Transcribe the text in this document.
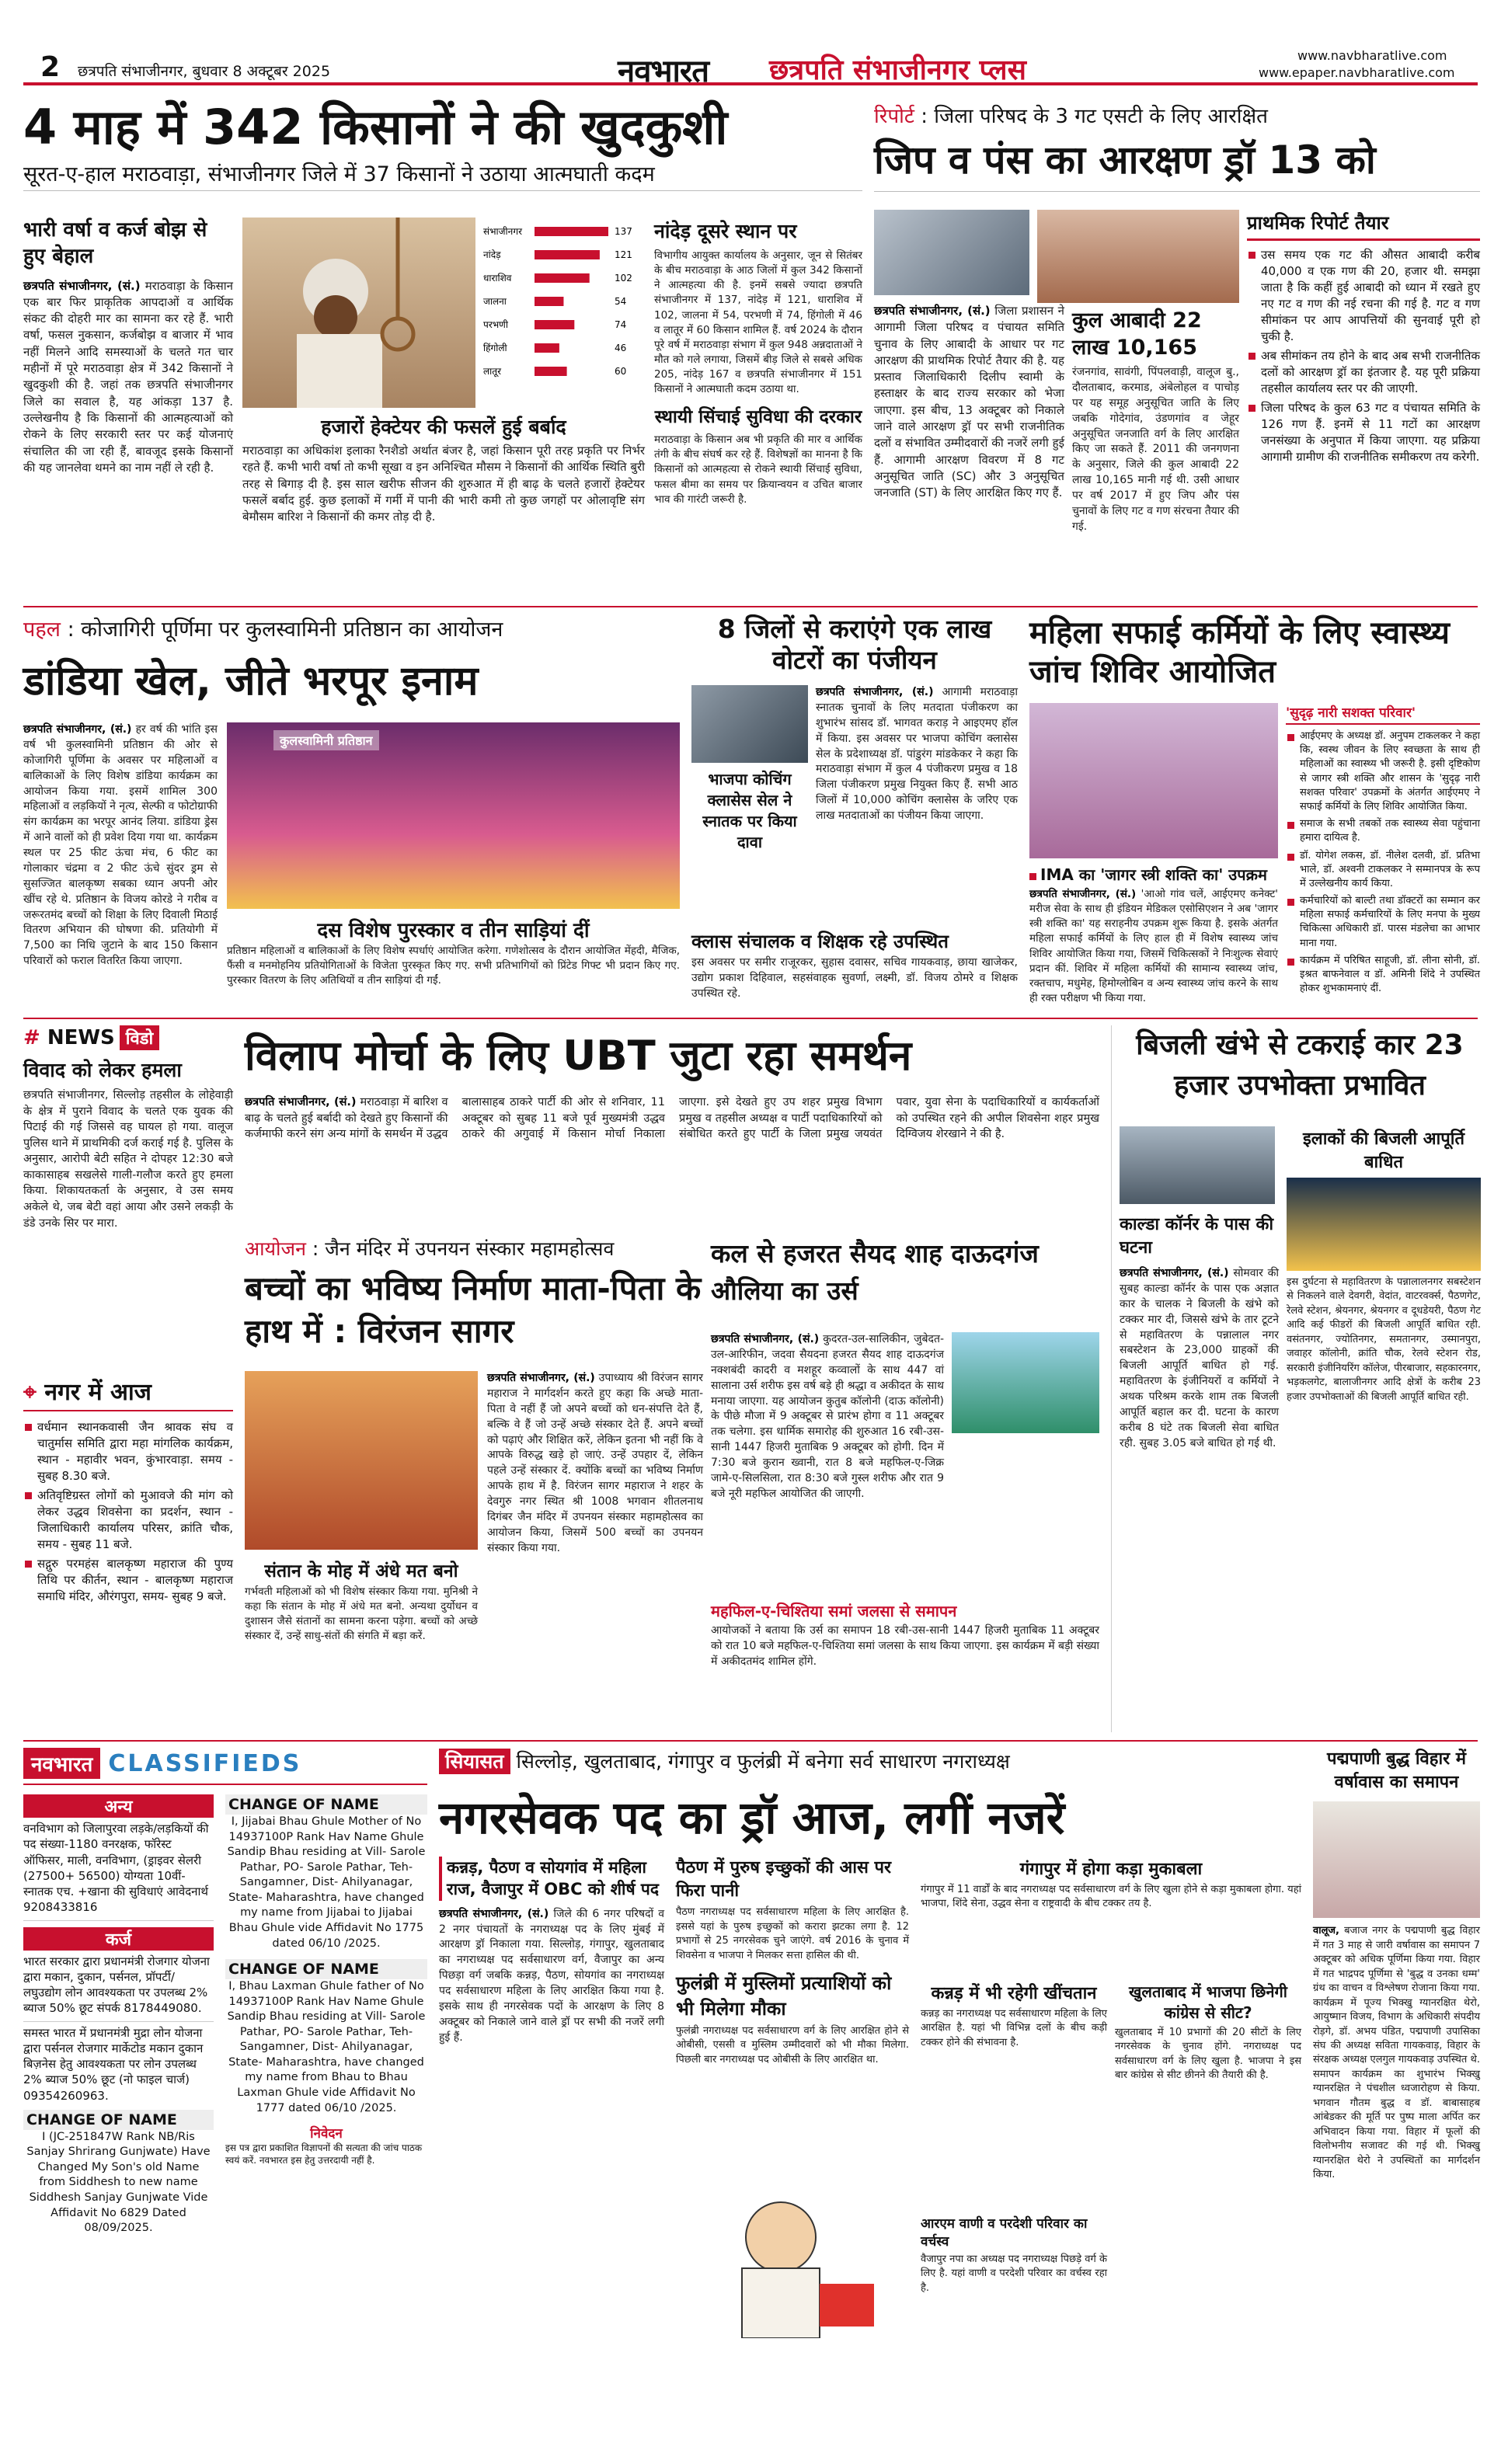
2 छत्रपति संभाजीनगर, बुधवार 8 अक्टूबर 2025	नवभारत छत्रपति संभाजीनगर प्लस	www.navbharatlive.com
www.epaper.navbharatlive.com
4 माह में 342 किसानों ने की खुदकुशी
सूरत-ए-हाल मराठवाड़ा, संभाजीनगर जिले में 37 किसानों ने उठाया आत्मघाती कदम
भारी वर्षा व कर्ज बोझ से हुए बेहाल

छत्रपति संभाजीनगर, (सं.) मराठवाड़ा के किसान एक बार फिर प्राकृतिक आपदाओं व आर्थिक संकट की दोहरी मार का सामना कर रहे हैं. भारी वर्षा, फसल नुकसान, कर्जबोझ व बाजार में भाव नहीं मिलने आदि समस्याओं के चलते गत चार महीनों में पूरे मराठवाड़ा क्षेत्र में 342 किसानों ने खुदकुशी की है. जहां तक छत्रपति संभाजीनगर जिले का सवाल है, यह आंकड़ा 137 है. उल्लेखनीय है कि किसानों की आत्महत्याओं को रोकने के लिए सरकारी स्तर पर कई योजनाएं संचालित की जा रही हैं, बावजूद इसके किसानों की यह जानलेवा थमने का नाम नहीं ले रही है.

संभाजीनगर	137
नांदेड़	121
धाराशिव	102
जालना	54
परभणी	74
हिंगोली	46
लातूर	60
हजारों हेक्टेयर की फसलें हुई बर्बाद

मराठवाड़ा का अधिकांश इलाका रैनशैडो अर्थात बंजर है, जहां किसान पूरी तरह प्रकृति पर निर्भर रहते हैं. कभी भारी वर्षा तो कभी सूखा व इन अनिश्चित मौसम ने किसानों की आर्थिक स्थिति बुरी तरह से बिगाड़ दी है. इस साल खरीफ सीजन की शुरुआत में ही बाढ़ के चलते हजारों हेक्टेयर फसलें बर्बाद हुई. कुछ इलाकों में गर्मी में पानी की भारी कमी तो कुछ जगहों पर ओलावृष्टि संग बेमौसम बारिश ने किसानों की कमर तोड़ दी है.

नांदेड़ दूसरे स्थान पर

विभागीय आयुक्त कार्यालय के अनुसार, जून से सितंबर के बीच मराठवाड़ा के आठ जिलों में कुल 342 किसानों ने आत्महत्या की है. इनमें सबसे ज्यादा छत्रपति संभाजीनगर में 137, नांदेड़ में 121, धाराशिव में 102, जालना में 54, परभणी में 74, हिंगोली में 46 व लातूर में 60 किसान शामिल हैं. वर्ष 2024 के दौरान पूरे वर्ष में मराठवाड़ा संभाग में कुल 948 अन्नदाताओं ने मौत को गले लगाया, जिसमें बीड़ जिले से सबसे अधिक 205, नांदेड़ 167 व छत्रपति संभाजीनगर में 151 किसानों ने आत्मघाती कदम उठाया था.

स्थायी सिंचाई सुविधा की दरकार

मराठवाड़ा के किसान अब भी प्रकृति की मार व आर्थिक तंगी के बीच संघर्ष कर रहे हैं. विशेषज्ञों का मानना है कि किसानों को आत्महत्या से रोकने स्थायी सिंचाई सुविधा, फसल बीमा का समय पर क्रियान्वयन व उचित बाजार भाव की गारंटी जरूरी है.

रिपोर्ट : जिला परिषद के 3 गट एसटी के लिए आरक्षित
जिप व पंस का आरक्षण ड्रॉ 13 को

छत्रपति संभाजीनगर, (सं.) जिला प्रशासन ने आगामी जिला परिषद व पंचायत समिति चुनाव के लिए आबादी के आधार पर गट आरक्षण की प्राथमिक रिपोर्ट तैयार की है. यह प्रस्ताव जिलाधिकारी दिलीप स्वामी के हस्ताक्षर के बाद राज्य सरकार को भेजा जाएगा. इस बीच, 13 अक्टूबर को निकाले जाने वाले आरक्षण ड्रॉ पर सभी राजनीतिक दलों व संभावित उम्मीदवारों की नजरें लगी हुई हैं. आगामी आरक्षण विवरण में 8 गट अनुसूचित जाति (SC) और 3 अनुसूचित जनजाति (ST) के लिए आरक्षित किए गए हैं.

कुल आबादी 22 लाख 10,165

रंजनगांव, सावंगी, पिंपलवाड़ी, वालूज बु., दौलताबाद, करमाड, अंबेलोहल व पाचोड़ पर यह समूह अनुसूचित जाति के लिए जबकि गोदेगांव, उंडणगांव व जेहूर अनुसूचित जनजाति वर्ग के लिए आरक्षित किए जा सकते हैं. 2011 की जनगणना के अनुसार, जिले की कुल आबादी 22 लाख 10,165 मानी गई थी. उसी आधार पर वर्ष 2017 में हुए जिप और पंस चुनावों के लिए गट व गण संरचना तैयार की गई.

प्राथमिक रिपोर्ट तैयार
उस समय एक गट की औसत आबादी करीब 40,000 व एक गण की 20, हजार थी. समझा जाता है कि कहीं हुई आबादी को ध्यान में रखते हुए नए गट व गण की नई रचना की गई है. गट व गण सीमांकन पर आप आपत्तियों की सुनवाई पूरी हो चुकी है.
अब सीमांकन तय होने के बाद अब सभी राजनीतिक दलों को आरक्षण ड्रॉ का इंतजार है. यह पूरी प्रक्रिया तहसील कार्यालय स्तर पर की जाएगी.
जिला परिषद के कुल 63 गट व पंचायत समिति के 126 गण हैं. इनमें से 11 गटों का आरक्षण जनसंख्या के अनुपात में किया जाएगा. यह प्रक्रिया आगामी ग्रामीण की राजनीतिक समीकरण तय करेगी.
पहल : कोजागिरी पूर्णिमा पर कुलस्वामिनी प्रतिष्ठान का आयोजन
डांडिया खेल, जीते भरपूर इनाम

छत्रपति संभाजीनगर, (सं.) हर वर्ष की भांति इस वर्ष भी कुलस्वामिनी प्रतिष्ठान की ओर से कोजागिरी पूर्णिमा के अवसर पर महिलाओं व बालिकाओं के लिए विशेष डांडिया कार्यक्रम का आयोजन किया गया. इसमें शामिल 300 महिलाओं व लड़कियों ने नृत्य, सेल्फी व फोटोग्राफी संग कार्यक्रम का भरपूर आनंद लिया. डांडिया ड्रेस में आने वालों को ही प्रवेश दिया गया था. कार्यक्रम स्थल पर 25 फीट ऊंचा मंच, 6 फीट का गोलाकार चंद्रमा व 2 फीट ऊंचे सुंदर ड्रम से सुसज्जित बालकृष्ण सबका ध्यान अपनी ओर खींच रहे थे. प्रतिष्ठान के विजय कोरडे ने गरीब व जरूरतमंद बच्चों को शिक्षा के लिए दिवाली मिठाई वितरण अभियान की घोषणा की. प्रतियोगी में 7,500 का निधि जुटाने के बाद 150 किसान परिवारों को फराल वितरित किया जाएगा.

कुलस्वामिनी प्रतिष्ठान
दस विशेष पुरस्कार व तीन साड़ियां दीं

प्रतिष्ठान महिलाओं व बालिकाओं के लिए विशेष स्पर्धाएं आयोजित करेगा. गणेशोत्सव के दौरान आयोजित मेंहदी, मैजिक, फैंसी व मनमोहनिय प्रतियोगिताओं के विजेता पुरस्कृत किए गए. सभी प्रतिभागियों को प्रिंटेड गिफ्ट भी प्रदान किए गए. पुरस्कार वितरण के लिए अतिथियों व तीन साड़ियां दी गईं.

8 जिलों से कराएंगे एक लाख वोटरों का पंजीयन
भाजपा कोचिंग क्लासेस सेल ने स्नातक पर किया दावा

छत्रपति संभाजीनगर, (सं.) आगामी मराठवाड़ा स्नातक चुनावों के लिए मतदाता पंजीकरण का शुभारंभ सांसद डॉ. भागवत कराड़ ने आइएमए हॉल में किया. इस अवसर पर भाजपा कोचिंग क्लासेस सेल के प्रदेशाध्यक्ष डॉ. पांडुरंग मांडकेकर ने कहा कि मराठवाड़ा संभाग में कुल 4 पंजीकरण प्रमुख व 18 जिला पंजीकरण प्रमुख नियुक्त किए हैं. सभी आठ जिलों में 10,000 कोचिंग क्लासेस के जरिए एक लाख मतदाताओं का पंजीयन किया जाएगा.

क्लास संचालक व शिक्षक रहे उपस्थित

इस अवसर पर समीर राजूरकर, सुहास दवासर, सचिव गायकवाड़, छाया खाजेकर, उद्योग प्रकाश दिहिवाल, सहसंवाहक सुवर्णा, लक्ष्मी, डॉ. विजय ठोमरे व शिक्षक उपस्थित रहे.

महिला सफाई कर्मियों के लिए स्वास्थ्य जांच शिविर आयोजित
IMA का 'जागर स्त्री शक्ति का' उपक्रम

छत्रपति संभाजीनगर, (सं.) 'आओ गांव चलें, आईएमए कनेक्ट' मरीज सेवा के साथ ही इंडियन मेडिकल एसोसिएशन ने अब 'जागर स्त्री शक्ति का' यह सराहनीय उपक्रम शुरू किया है. इसके अंतर्गत महिला सफाई कर्मियों के लिए हाल ही में विशेष स्वास्थ्य जांच शिविर आयोजित किया गया, जिसमें चिकित्सकों ने निःशुल्क सेवाएं प्रदान कीं. शिविर में महिला कर्मियों की सामान्य स्वास्थ्य जांच, रक्तचाप, मधुमेह, हिमोग्लोबिन व अन्य स्वास्थ्य जांच करने के साथ ही रक्त परीक्षण भी किया गया.

'सुदृढ़ नारी सशक्त परिवार'
आईएमए के अध्यक्ष डॉ. अनुपम टाकलकर ने कहा कि, स्वस्थ जीवन के लिए स्वच्छता के साथ ही महिलाओं का स्वास्थ्य भी जरूरी है. इसी दृष्टिकोण से जागर स्त्री शक्ति और शासन के 'सुदृढ़ नारी सशक्त परिवार' उपक्रमों के अंतर्गत आईएमए ने सफाई कर्मियों के लिए शिविर आयोजित किया.
समाज के सभी तबकों तक स्वास्थ्य सेवा पहुंचाना हमारा दायित्व है.
डॉ. योगेश लकस, डॉ. नीलेश दलवी, डॉ. प्रतिभा भाले, डॉ. अश्वनी टाकलकर ने सम्मानपत्र के रूप में उल्लेखनीय कार्य किया.
कर्मचारियों को बाल्टी तथा डॉक्टरों का सम्मान कर महिला सफाई कर्मचारियों के लिए मनपा के मुख्य चिकित्सा अधिकारी डॉ. पारस मंडलेचा का आभार माना गया.
कार्यक्रम में परिषित साहूजी, डॉ. लीना सोनी, डॉ. इश्रत बाफनेवाल व डॉ. अमिनी शिंदे ने उपस्थित होकर शुभकामनाएं दीं.
# NEWS विडो
विवाद को लेकर हमला

छत्रपति संभाजीनगर, सिल्लोड़ तहसील के लोहेवाड़ी के क्षेत्र में पुराने विवाद के चलते एक युवक की पिटाई की गई जिससे वह घायल हो गया. वालूज पुलिस थाने में प्राथमिकी दर्ज कराई गई है. पुलिस के अनुसार, आरोपी बेटी सहित ने दोपहर 12:30 बजे काकासाहब सखलेसे गाली-गलौज करते हुए हमला किया. शिकायतकर्ता के अनुसार, वे उस समय अकेले थे, जब बेटी वहां आया और उसने लकड़ी के डंडे उनके सिर पर मारा.

⌖ नगर में आज
वर्धमान स्थानकवासी जैन श्रावक संघ व चातुर्मास समिति द्वारा महा मांगलिक कार्यक्रम, स्थान - महावीर भवन, कुंभारवाड़ा. समय - सुबह 8.30 बजे.
अतिवृष्टिग्रस्त लोगों को मुआवजे की मांग को लेकर उद्धव शिवसेना का प्रदर्शन, स्थान - जिलाधिकारी कार्यालय परिसर, क्रांति चौक, समय - सुबह 11 बजे.
सद्गुरु परमहंस बालकृष्ण महाराज की पुण्य तिथि पर कीर्तन, स्थान - बालकृष्ण महाराज समाधि मंदिर, औरंगपुरा, समय- सुबह 9 बजे.
विलाप मोर्चा के लिए UBT जुटा रहा समर्थन

छत्रपति संभाजीनगर, (सं.) मराठवाड़ा में बारिश व बाढ़ के चलते हुई बर्बादी को देखते हुए किसानों की कर्जमाफी करने संग अन्य मांगों के समर्थन में उद्धव बालासाहब ठाकरे पार्टी की ओर से शनिवार, 11 अक्टूबर को सुबह 11 बजे पूर्व मुख्यमंत्री उद्धव ठाकरे की अगुवाई में किसान मोर्चा निकाला जाएगा. इसे देखते हुए उप शहर प्रमुख विभाग प्रमुख व तहसील अध्यक्ष व पार्टी पदाधिकारियों को संबोधित करते हुए पार्टी के जिला प्रमुख जयवंत पवार, युवा सेना के पदाधिकारियों व कार्यकर्ताओं को उपस्थित रहने की अपील शिवसेना शहर प्रमुख दिग्विजय शेरखाने ने की है.

आयोजन : जैन मंदिर में उपनयन संस्कार महामहोत्सव
बच्चों का भविष्य निर्माण माता-पिता के हाथ में : विरंजन सागर

छत्रपति संभाजीनगर, (सं.) उपाध्याय श्री विरंजन सागर महाराज ने मार्गदर्शन करते हुए कहा कि अच्छे माता-पिता वे नहीं हैं जो अपने बच्चों को धन-संपत्ति देते हैं, बल्कि वे हैं जो उन्हें अच्छे संस्कार देते हैं. अपने बच्चों को पढ़ाएं और शिक्षित करें, लेकिन इतना भी नहीं कि वे आपके विरुद्ध खड़े हो जाएं. उन्हें उपहार दें, लेकिन पहले उन्हें संस्कार दें. क्योंकि बच्चों का भविष्य निर्माण आपके हाथ में है. विरंजन सागर महाराज ने शहर के देवगुरु नगर स्थित श्री 1008 भगवान शीतलनाथ दिगंबर जैन मंदिर में उपनयन संस्कार महामहोत्सव का आयोजन किया, जिसमें 500 बच्चों का उपनयन संस्कार किया गया.

संतान के मोह में अंधे मत बनो

गर्भवती महिलाओं को भी विशेष संस्कार किया गया. मुनिश्री ने कहा कि संतान के मोह में अंधे मत बनो. अन्यथा दुर्योधन व दुशासन जैसे संतानों का सामना करना पड़ेगा. बच्चों को अच्छे संस्कार दें, उन्हें साधु-संतों की संगति में बड़ा करें.

कल से हजरत सैयद शाह दाऊदगंज औलिया का उर्स

छत्रपति संभाजीनगर, (सं.) कुदरत-उल-सालिकीन, जुबेदत-उल-आरिफीन, जदवा सैयदना हजरत सैयद शाह दाऊदगंज नक्शबंदी कादरी व मशहूर कव्वालों के साथ 447 वां सालाना उर्स शरीफ इस वर्ष बड़े ही श्रद्धा व अकीदत के साथ मनाया जाएगा. यह आयोजन कुतुब कॉलोनी (दाऊ कॉलोनी) के पीछे मौजा में 9 अक्टूबर से प्रारंभ होगा व 11 अक्टूबर तक चलेगा. इस धार्मिक समारोह की शुरुआत 16 रबी-उस-सानी 1447 हिजरी मुताबिक 9 अक्टूबर को होगी. दिन में 7:30 बजे कुरान ख्वानी, रात 8 बजे महफिल-ए-जिक्र जामे-ए-सिलसिला, रात 8:30 बजे गुस्ल शरीफ और रात 9 बजे नूरी महफिल आयोजित की जाएगी.

महफिल-ए-चिश्तिया समां जलसा से समापन

आयोजकों ने बताया कि उर्स का समापन 18 रबी-उस-सानी 1447 हिजरी मुताबिक 11 अक्टूबर को रात 10 बजे महफिल-ए-चिश्तिया समां जलसा के साथ किया जाएगा. इस कार्यक्रम में बड़ी संख्या में अकीदतमंद शामिल होंगे.

बिजली खंभे से टकराई कार 23 हजार उपभोक्ता प्रभावित
काल्डा कॉर्नर के पास की घटना
इलाकों की बिजली आपूर्ति बाधित

इस दुर्घटना से महावितरण के पन्नालालनगर सबस्टेशन से निकलने वाले देवगरी, वेदांत, वाटरवर्क्स, पैठणगेट, रेलवे स्टेशन, श्रेयनगर, श्रेयनगर व दूधडेयरी, पैठण गेट आदि कई फीडरों की बिजली आपूर्ति बाधित रही. वसंतनगर, ज्योतिनगर, समतानगर, उस्मानपुरा, जवाहर कॉलोनी, क्रांति चौक, रेलवे स्टेशन रोड, सरकारी इंजीनियरिंग कॉलेज, पीरबाजार, सहकारनगर, भड़कलगेट, बालाजीनगर आदि क्षेत्रों के करीब 23 हजार उपभोक्ताओं की बिजली आपूर्ति बाधित रही.

छत्रपति संभाजीनगर, (सं.) सोमवार की सुबह काल्डा कॉर्नर के पास एक अज्ञात कार के चालक ने बिजली के खंभे को टक्कर मार दी, जिससे खंभे के तार टूटने से महावितरण के पन्नालाल नगर सबस्टेशन के 23,000 ग्राहकों की बिजली आपूर्ति बाधित हो गई. महावितरण के इंजीनियरों व कर्मियों ने अथक परिश्रम करके शाम तक बिजली आपूर्ति बहाल कर दी. घटना के कारण करीब 8 घंटे तक बिजली सेवा बाधित रही. सुबह 3.05 बजे बाधित हो गई थी.

नवभारत CLASSIFIEDS
अन्य

वनविभाग को जिलापुरवा लड़के/लड़कियों की पद संख्या-1180 वनरक्षक, फॉरेस्ट ऑफिसर, माली, वनविभाग, (ड्राइवर सेलरी (27500+ 56500) योग्यता 10वीं-स्नातक एच. +खाना की सुविधाएं आवेदनार्थ 9208433816

कर्ज

भारत सरकार द्वारा प्रधानमंत्री रोजगार योजना द्वारा मकान, दुकान, पर्सनल, प्रॉपर्टी/ लघुउद्योग लोन आवश्यकता पर उपलब्ध 2% ब्याज 50% छूट संपर्क 8178449080.

समस्त भारत में प्रधानमंत्री मुद्रा लोन योजना द्वारा पर्सनल रोजगार मार्केटोड मकान दुकान बिज़नेस हेतु आवश्यकता पर लोन उपलब्ध 2% ब्याज 50% छूट (नो फाइल चार्ज) 09354260963.

CHANGE OF NAME

I (JC-251847W Rank NB/Ris Sanjay Shrirang Gunjwate) Have Changed My Son's old Name from Siddhesh to new name Siddhesh Sanjay Gunjwate Vide Affidavit No 6829 Dated 08/09/2025.

CHANGE OF NAME

I, Jijabai Bhau Ghule Mother of No 14937100P Rank Hav Name Ghule Sandip Bhau residing at Vill- Sarole Pathar, PO- Sarole Pathar, Teh- Sangamner, Dist- Ahilyanagar, State- Maharashtra, have changed my name from Jijabai to Jijabai Bhau Ghule vide Affidavit No 1775 dated 06/10 /2025.

CHANGE OF NAME

I, Bhau Laxman Ghule father of No 14937100P Rank Hav Name Ghule Sandip Bhau residing at Vill- Sarole Pathar, PO- Sarole Pathar, Teh- Sangamner, Dist- Ahilyanagar, State- Maharashtra, have changed my name from Bhau to Bhau Laxman Ghule vide Affidavit No 1777 dated 06/10 /2025.

निवेदन

इस पत्र द्वारा प्रकाशित विज्ञापनों की सत्यता की जांच पाठक स्वयं करें. नवभारत इस हेतु उत्तरदायी नहीं है.

सियासत सिल्लोड़, खुलताबाद, गंगापुर व फुलंब्री में बनेगा सर्व साधारण नगराध्यक्ष
नगरसेवक पद का ड्रॉ आज, लगीं नजरें
कन्नड़, पैठण व सोयगांव में महिला राज, वैजापुर में OBC को शीर्ष पद

छत्रपति संभाजीनगर, (सं.) जिले की 6 नगर परिषदों व 2 नगर पंचायतों के नगराध्यक्ष पद के लिए मुंबई में आरक्षण ड्रॉ निकाला गया. सिल्लोड़, गंगापुर, खुलताबाद का नगराध्यक्ष पद सर्वसाधारण वर्ग, वैजापुर का अन्य पिछड़ा वर्ग जबकि कन्नड़, पैठण, सोयगांव का नगराध्यक्ष पद सर्वसाधारण महिला के लिए आरक्षित किया गया है. इसके साथ ही नगरसेवक पदों के आरक्षण के लिए 8 अक्टूबर को निकाले जाने वाले ड्रॉ पर सभी की नजरें लगी हुई हैं.

पैठण में पुरुष इच्छुकों की आस पर फिरा पानी

पैठण नगराध्यक्ष पद सर्वसाधारण महिला के लिए आरक्षित है. इससे यहां के पुरुष इच्छुकों को करारा झटका लगा है. 12 प्रभागों से 25 नगरसेवक चुने जाएंगे. वर्ष 2016 के चुनाव में शिवसेना व भाजपा ने मिलकर सत्ता हासिल की थी.

फुलंब्री में मुस्लिमों प्रत्याशियों को भी मिलेगा मौका

फुलंब्री नगराध्यक्ष पद सर्वसाधारण वर्ग के लिए आरक्षित होने से ओबीसी, एससी व मुस्लिम उम्मीदवारों को भी मौका मिलेगा. पिछली बार नगराध्यक्ष पद ओबीसी के लिए आरक्षित था.

गंगापुर में होगा कड़ा मुकाबला

गंगापुर में 11 वार्डों के बाद नगराध्यक्ष पद सर्वसाधारण वर्ग के लिए खुला होने से कड़ा मुकाबला होगा. यहां भाजपा, शिंदे सेना, उद्धव सेना व राष्ट्रवादी के बीच टक्कर तय है.

कन्नड़ में भी रहेगी खींचतान

कन्नड़ का नगराध्यक्ष पद सर्वसाधारण महिला के लिए आरक्षित है. यहां भी विभिन्न दलों के बीच कड़ी टक्कर होने की संभावना है.

खुलताबाद में भाजपा छिनेगी कांग्रेस से सीट?

खुलताबाद में 10 प्रभागों की 20 सीटों के लिए नगरसेवक के चुनाव होंगे. नगराध्यक्ष पद सर्वसाधारण वर्ग के लिए खुला है. भाजपा ने इस बार कांग्रेस से सीट छीनने की तैयारी की है.

आरएम वाणी व परदेशी परिवार का वर्चस्व

वैजापुर नपा का अध्यक्ष पद नगराध्यक्ष पिछड़े वर्ग के लिए है. यहां वाणी व परदेशी परिवार का वर्चस्व रहा है.

पद्मपाणी बुद्ध विहार में वर्षावास का समापन

वालूज, बजाज नगर के पद्मपाणी बुद्ध विहार में गत 3 माह से जारी वर्षावास का समापन 7 अक्टूबर को अधिक पूर्णिमा किया गया. विहार में गत भाद्रपद पूर्णिमा से 'बुद्ध व उनका धम्म' ग्रंथ का वाचन व विश्लेषण रोजाना किया गया. कार्यक्रम में पूज्य भिक्खु ग्यानरक्षित थेरो, आयुष्मान विजय, विभाग के अधिकारी संपदीय रोड़गे, डॉ. अभय पंडित, पद्मपाणी उपासिका संघ की अध्यक्ष सविता गायकवाड़, विहार के संरक्षक अध्यक्ष एलगुल गायकवाड़ उपस्थित थे. समापन कार्यक्रम का शुभारंभ भिक्खु ग्यानरक्षित ने पंचशील ध्वजारोहण से किया. भगवान गौतम बुद्ध व डॉ. बाबासाहब आंबेडकर की मूर्ति पर पुष्प माला अर्पित कर अभिवादन किया गया. विहार में फूलों की विलोभनीय सजावट की गई थी. भिक्खु ग्यानरक्षित थेरो ने उपस्थितों का मार्गदर्शन किया.
